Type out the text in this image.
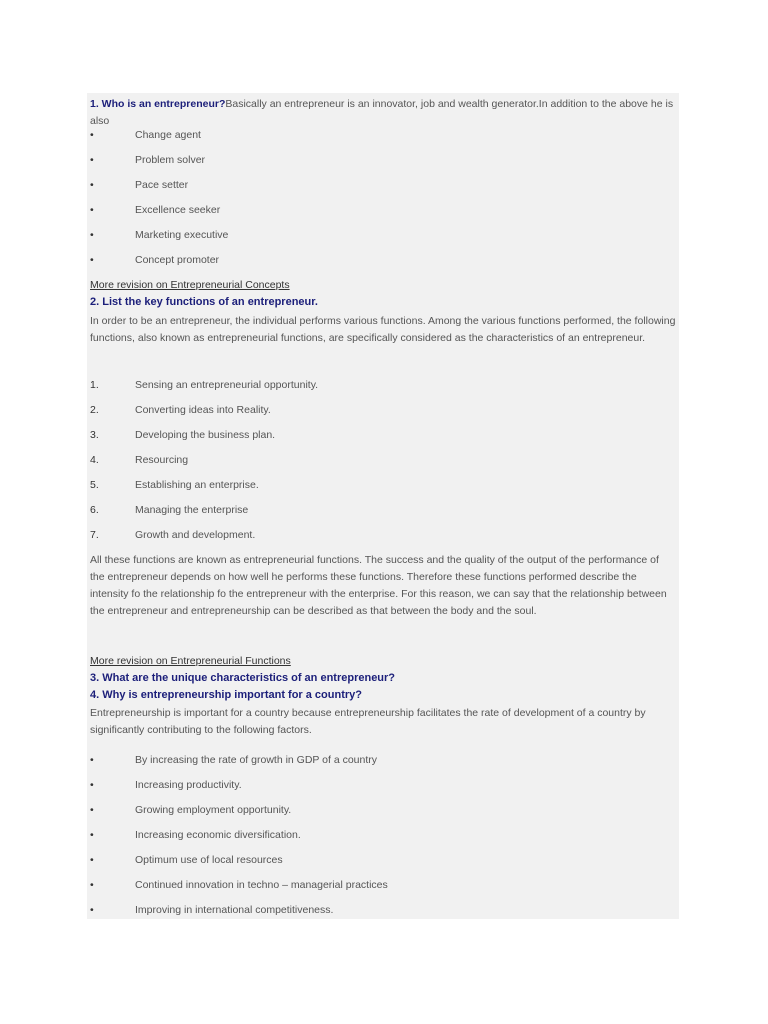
1. Who is an entrepreneur?Basically an entrepreneur is an innovator, job and wealth generator.In addition to the above he is also
•	Change agent
•	Problem solver
•	Pace setter
•	Excellence seeker
•	Marketing executive
•	Concept promoter
More revision on Entrepreneurial Concepts
2. List the key functions of an entrepreneur.
In order to be an entrepreneur, the individual performs various functions. Among the various functions performed, the following functions, also known as entrepreneurial functions, are specifically considered as the characteristics of an entrepreneur.
1.	Sensing an entrepreneurial opportunity.
2.	Converting ideas into Reality.
3.	Developing the business plan.
4.	Resourcing
5.	Establishing an enterprise.
6.	Managing the enterprise
7.	Growth and development.
All these functions are known as entrepreneurial functions. The success and the quality of the output of the performance of the entrepreneur depends on how well he performs these functions. Therefore these functions performed describe the intensity fo the relationship fo the entrepreneur with the enterprise. For this reason, we can say that the relationship between the entrepreneur and entrepreneurship can be described as that between the body and the soul.
More revision on Entrepreneurial Functions
3. What are the unique characteristics of an entrepreneur?
4. Why is entrepreneurship important for a country?
Entrepreneurship is important for a country because entrepreneurship facilitates the rate of development of a country by significantly contributing to the following factors.
•	By increasing the rate of growth in GDP of a country
•	Increasing productivity.
•	Growing employment opportunity.
•	Increasing economic diversification.
•	Optimum use of local resources
•	Continued innovation in techno – managerial practices
•	Improving in international competitiveness.
